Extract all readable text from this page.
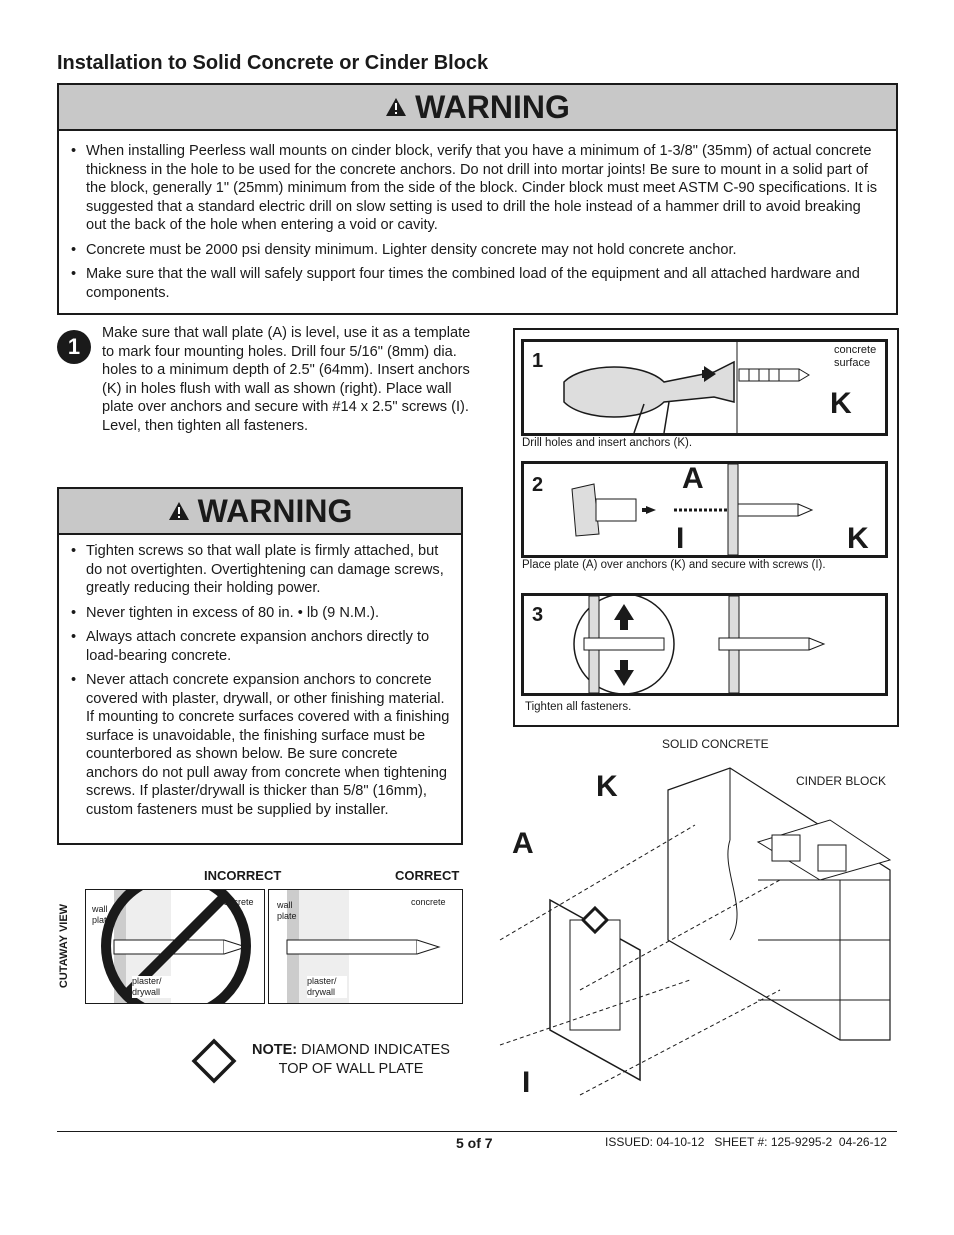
Installation to Solid Concrete or Cinder Block
WARNING
• When installing Peerless wall mounts on cinder block, verify that you have a minimum of 1-3/8" (35mm) of actual concrete thickness in the hole to be used for the concrete anchors. Do not drill into mortar joints! Be sure to mount in a solid part of the block, generally 1" (25mm) minimum from the side of the block. Cinder block must meet ASTM C-90 specifications. It is suggested that a standard electric drill on slow setting is used to drill the hole instead of a hammer drill to avoid breaking out the back of the hole when entering a void or cavity.
• Concrete must be 2000 psi density minimum. Lighter density concrete may not hold concrete anchor.
• Make sure that the wall will safely support four times the combined load of the equipment and all attached hardware and components.
1
Make sure that wall plate (A) is level, use it as a template to mark four mounting holes. Drill four 5/16" (8mm) dia. holes to a minimum depth of 2.5" (64mm). Insert anchors (K) in holes flush with wall as shown (right). Place wall plate over anchors and secure with #14 x 2.5" screws (I). Level, then tighten all fasteners.
WARNING
• Tighten screws so that wall plate is firmly attached, but do not overtighten. Overtightening can damage screws, greatly reducing their holding power.
• Never tighten in excess of 80 in. • lb (9 N.M.).
• Always attach concrete expansion anchors directly to load-bearing concrete.
• Never attach concrete expansion anchors to concrete covered with plaster, drywall, or other finishing material. If mounting to concrete surfaces covered with a finishing surface is unavoidable, the finishing surface must be counterbored as shown below. Be sure concrete anchors do not pull away from concrete when tightening screws. If plaster/drywall is thicker than 5/8" (16mm), custom fasteners must be supplied by installer.
1	concrete surface
K
Drill holes and insert anchors (K).
2	A
I	K
Place plate (A) over anchors (K) and secure with screws (I).
3
Tighten all fasteners.
CUTAWAY VIEW
INCORRECT	CORRECT
wall plate
concrete
plaster/ drywall
wall plate
concrete
plaster/ drywall
NOTE: DIAMOND INDICATES TOP OF WALL PLATE
SOLID CONCRETE
CINDER BLOCK
K
A
I
5 of 7	ISSUED: 04-10-12   SHEET #: 125-9295-2  04-26-12
